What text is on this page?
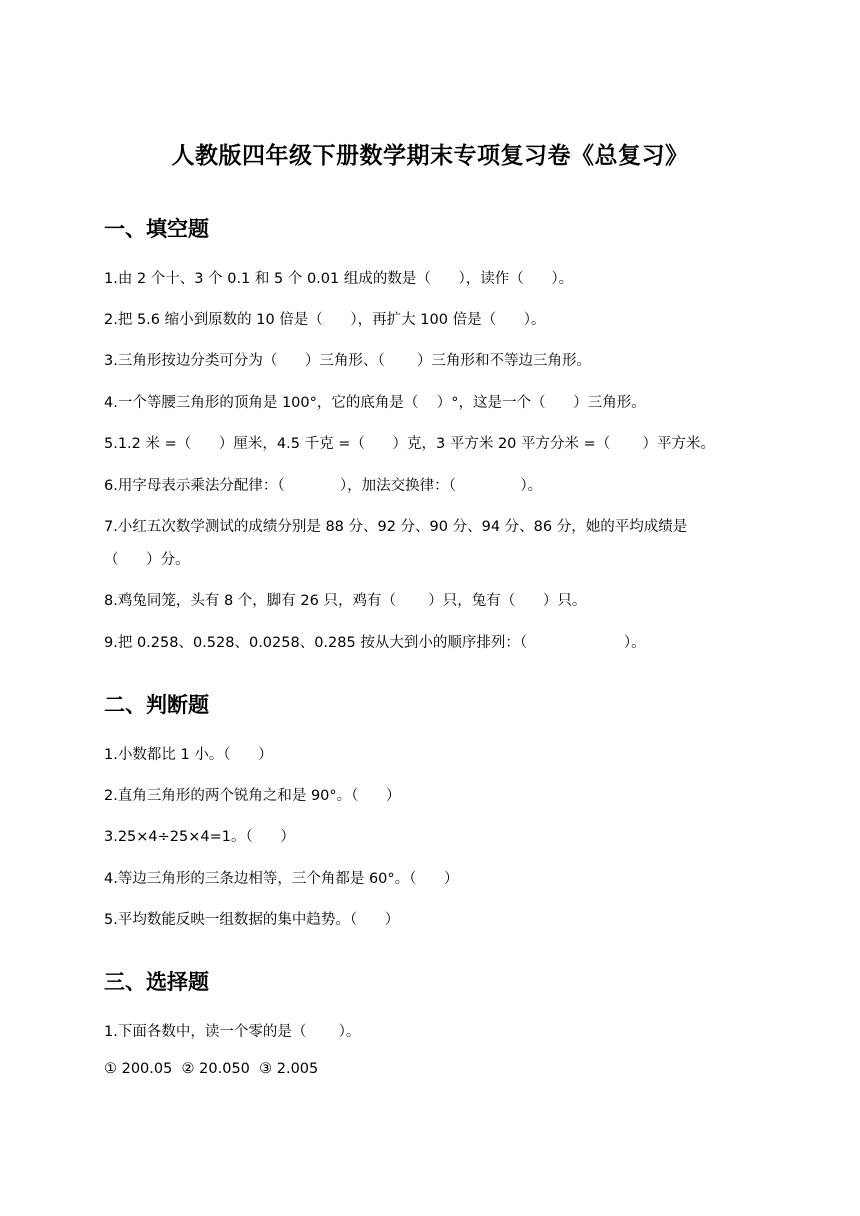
人教版四年级下册数学期末专项复习卷《总复习》
一、填空题

1.由 2 个十、3 个 0.1 和 5 个 0.01 组成的数是（      ），读作（      ）。

2.把 5.6 缩小到原数的 10 倍是（      ），再扩大 100 倍是（      ）。

3.三角形按边分类可分为（      ）三角形、（       ）三角形和不等边三角形。

4.一个等腰三角形的顶角是 100°，它的底角是（    ）°，这是一个（      ）三角形。

5.1.2 米 =（      ）厘米，4.5 千克 =（      ）克，3 平方米 20 平方分米 =（       ）平方米。

6.用字母表示乘法分配律：（            ），加法交换律：（              ）。

7.小红五次数学测试的成绩分别是 88 分、92 分、90 分、94 分、86 分，她的平均成绩是

（      ）分。

8.鸡兔同笼，头有 8 个，脚有 26 只，鸡有（       ）只，兔有（      ）只。

9.把 0.258、0.528、0.0258、0.285 按从大到小的顺序排列：（                     ）。

二、判断题

1.小数都比 1 小。（      ）

2.直角三角形的两个锐角之和是 90°。（      ）

3.25×4÷25×4=1。（      ）

4.等边三角形的三条边相等，三个角都是 60°。（      ）

5.平均数能反映一组数据的集中趋势。（      ）

三、选择题

1.下面各数中，读一个零的是（       ）。

① 200.05  ② 20.050  ③ 2.005
